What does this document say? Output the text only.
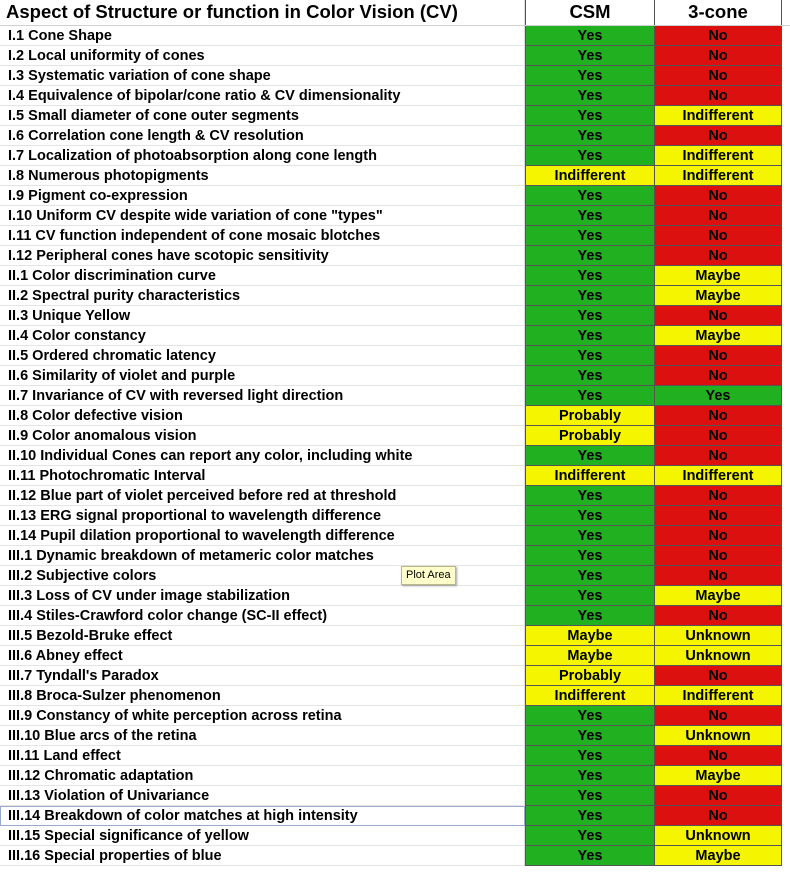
Aspect of Structure or function in Color Vision (CV)	CSM	3-cone
I.1 Cone Shape	Yes	No
I.2 Local uniformity of cones	Yes	No
I.3 Systematic variation of cone shape	Yes	No
I.4 Equivalence of bipolar/cone ratio & CV dimensionality	Yes	No
I.5 Small diameter of cone outer segments	Yes	Indifferent
I.6 Correlation cone length & CV resolution	Yes	No
I.7 Localization of photoabsorption along cone length	Yes	Indifferent
I.8 Numerous photopigments	Indifferent	Indifferent
I.9 Pigment co-expression	Yes	No
I.10 Uniform CV despite wide variation of cone "types"	Yes	No
I.11 CV function independent of cone mosaic blotches	Yes	No
I.12 Peripheral cones have scotopic sensitivity	Yes	No
II.1 Color discrimination curve	Yes	Maybe
II.2 Spectral purity characteristics	Yes	Maybe
II.3 Unique Yellow	Yes	No
II.4 Color constancy	Yes	Maybe
II.5 Ordered chromatic latency	Yes	No
II.6 Similarity of violet and purple	Yes	No
II.7 Invariance of CV with reversed light direction	Yes	Yes
II.8 Color defective vision	Probably	No
II.9 Color anomalous vision	Probably	No
II.10 Individual Cones can report any color, including white	Yes	No
II.11 Photochromatic Interval	Indifferent	Indifferent
II.12 Blue part of violet perceived before red at threshold	Yes	No
II.13 ERG signal proportional to wavelength difference	Yes	No
II.14 Pupil dilation proportional to wavelength difference	Yes	No
III.1 Dynamic breakdown of metameric color matches	Yes	No
III.2 Subjective colors	Yes	No
III.3 Loss of CV under image stabilization	Yes	Maybe
III.4 Stiles-Crawford color change (SC-II effect)	Yes	No
III.5 Bezold-Bruke effect	Maybe	Unknown
III.6 Abney effect	Maybe	Unknown
III.7 Tyndall's Paradox	Probably	No
III.8 Broca-Sulzer phenomenon	Indifferent	Indifferent
III.9 Constancy of white perception across retina	Yes	No
III.10 Blue arcs of the retina	Yes	Unknown
III.11 Land effect	Yes	No
III.12 Chromatic adaptation	Yes	Maybe
III.13 Violation of Univariance	Yes	No
III.14 Breakdown of color matches at high intensity	Yes	No
III.15 Special significance of yellow	Yes	Unknown
III.16 Special properties of blue	Yes	Maybe
Plot Area
